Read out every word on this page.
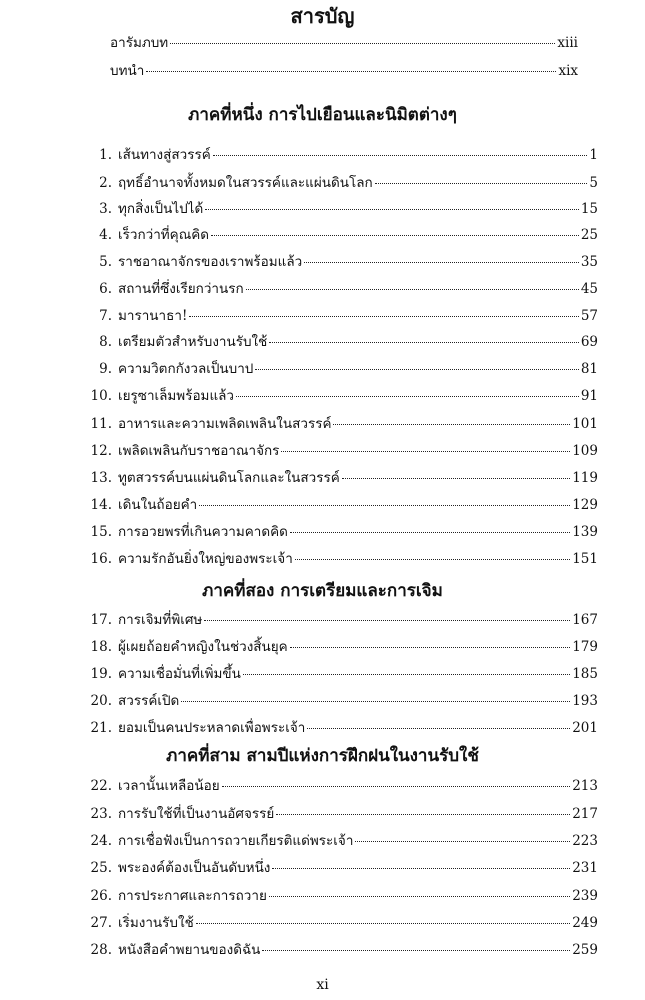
สารบัญ
อารัมภบท	xiii
บทนำ	xix
ภาคที่หนึ่ง การไปเยือนและนิมิตต่างๆ
1. เส้นทางสู่สวรรค์	1
2. ฤทธิ์อำนาจทั้งหมดในสวรรค์และแผ่นดินโลก	5
3. ทุกสิ่งเป็นไปได้	15
4. เร็วกว่าที่คุณคิด	25
5. ราชอาณาจักรของเราพร้อมแล้ว	35
6. สถานที่ซึ่งเรียกว่านรก	45
7. มารานาธา!	57
8. เตรียมตัวสำหรับงานรับใช้	69
9. ความวิตกกังวลเป็นบาป	81
10. เยรูซาเล็มพร้อมแล้ว	91
11. อาหารและความเพลิดเพลินในสวรรค์	101
12. เพลิดเพลินกับราชอาณาจักร	109
13. ทูตสวรรค์บนแผ่นดินโลกและในสวรรค์	119
14. เดินในถ้อยคำ	129
15. การอวยพรที่เกินความคาดคิด	139
16. ความรักอันยิ่งใหญ่ของพระเจ้า	151
ภาคที่สอง การเตรียมและการเจิม
17. การเจิมที่พิเศษ	167
18. ผู้เผยถ้อยคำหญิงในช่วงสิ้นยุค	179
19. ความเชื่อมั่นที่เพิ่มขึ้น	185
20. สวรรค์เปิด	193
21. ยอมเป็นคนประหลาดเพื่อพระเจ้า	201
ภาคที่สาม สามปีแห่งการฝึกฝนในงานรับใช้
22. เวลานั้นเหลือน้อย	213
23. การรับใช้ที่เป็นงานอัศจรรย์	217
24. การเชื่อฟังเป็นการถวายเกียรติแด่พระเจ้า	223
25. พระองค์ต้องเป็นอันดับหนึ่ง	231
26. การประกาศและการถวาย	239
27. เริ่มงานรับใช้	249
28. หนังสือคำพยานของดิฉัน	259
xi
